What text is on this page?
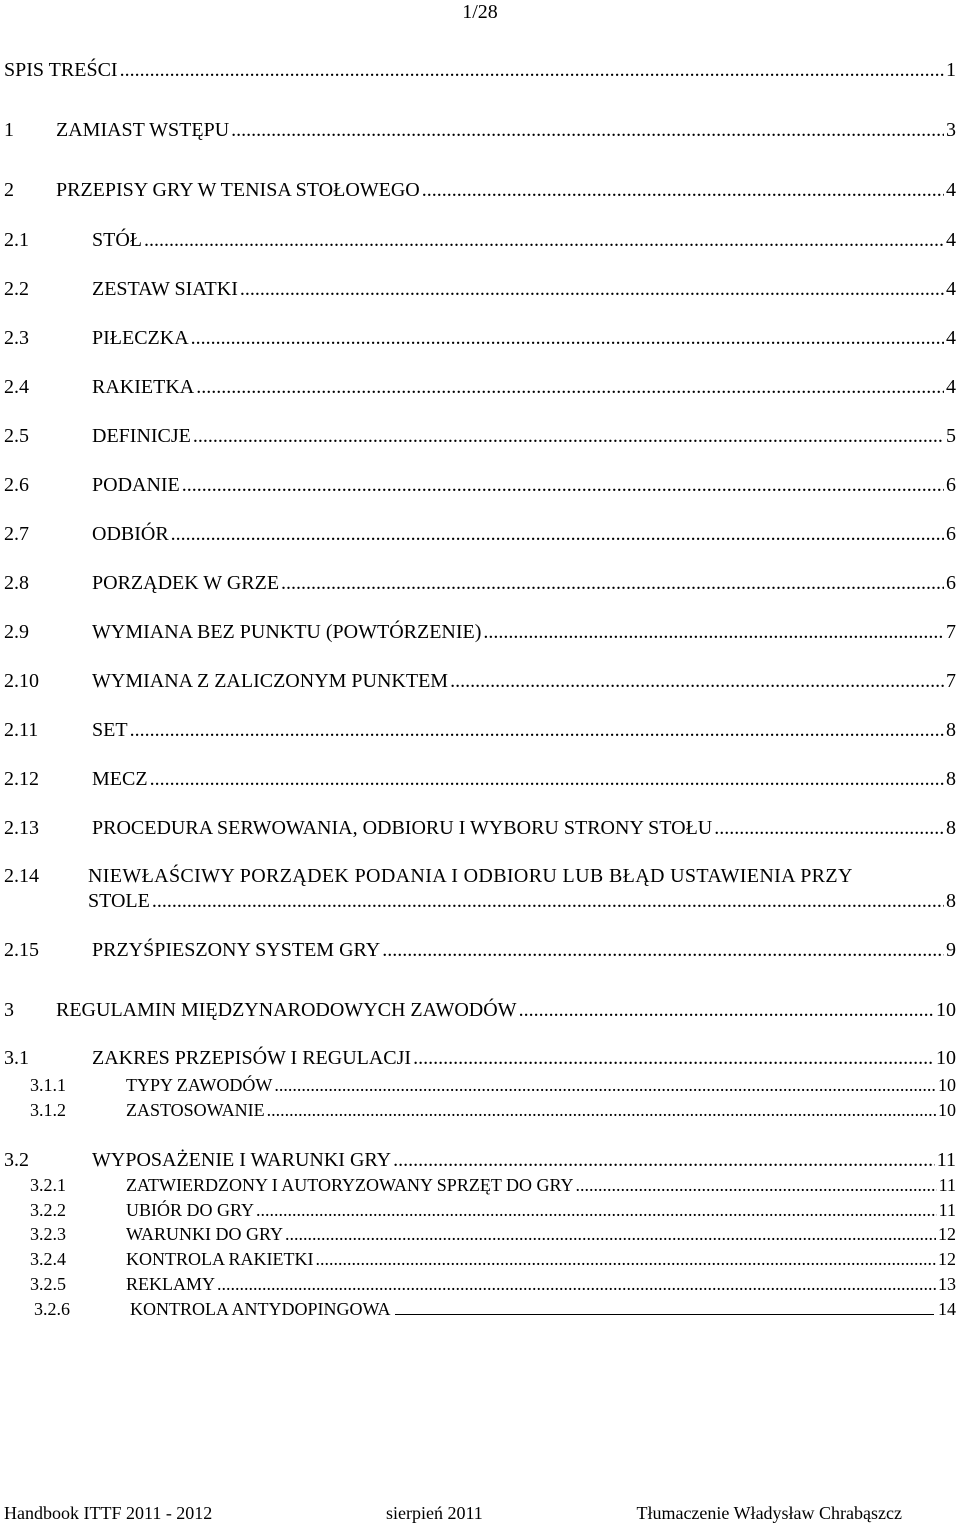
1/28
SPIS TREŚCI .....	1
1	ZAMIAST WSTĘPU .....	3
2	PRZEPISY GRY W TENISA STOŁOWEGO .....	4
2.1	STÓŁ .....	4
2.2	ZESTAW SIATKI .....	4
2.3	PIŁECZKA .....	4
2.4	RAKIETKA .....	4
2.5	DEFINICJE .....	5
2.6	PODANIE .....	6
2.7	ODBIÓR .....	6
2.8	PORZĄDEK W GRZE .....	6
2.9	WYMIANA BEZ PUNKTU (POWTÓRZENIE) .....	7
2.10	WYMIANA Z ZALICZONYM PUNKTEM .....	7
2.11	SET .....	8
2.12	MECZ .....	8
2.13	PROCEDURA SERWOWANIA, ODBIORU I WYBORU STRONY STOŁU .....	8
2.14	NIEWŁAŚCIWY PORZĄDEK PODANIA I ODBIORU LUB BŁĄD USTAWIENIA PRZY
STOLE .....	8
2.15	PRZYŚPIESZONY SYSTEM GRY .....	9
3	REGULAMIN MIĘDZYNARODOWYCH ZAWODÓW .....	10
3.1	ZAKRES PRZEPISÓW I REGULACJI .....	10
3.1.1	TYPY ZAWODÓW .....	10
3.1.2	ZASTOSOWANIE .....	10
3.2	WYPOSAŻENIE I WARUNKI GRY .....	11
3.2.1	ZATWIERDZONY I AUTORYZOWANY SPRZĘT DO GRY .....	11
3.2.2	UBIÓR DO GRY .....	11
3.2.3	WARUNKI DO GRY .....	12
3.2.4	KONTROLA RAKIETKI .....	12
3.2.5	REKLAMY .....	13
3.2.6	KONTROLA ANTYDOPINGOWA	14
Handbook ITTF 2011 - 2012	sierpień 2011	Tłumaczenie Władysław Chrabąszcz
